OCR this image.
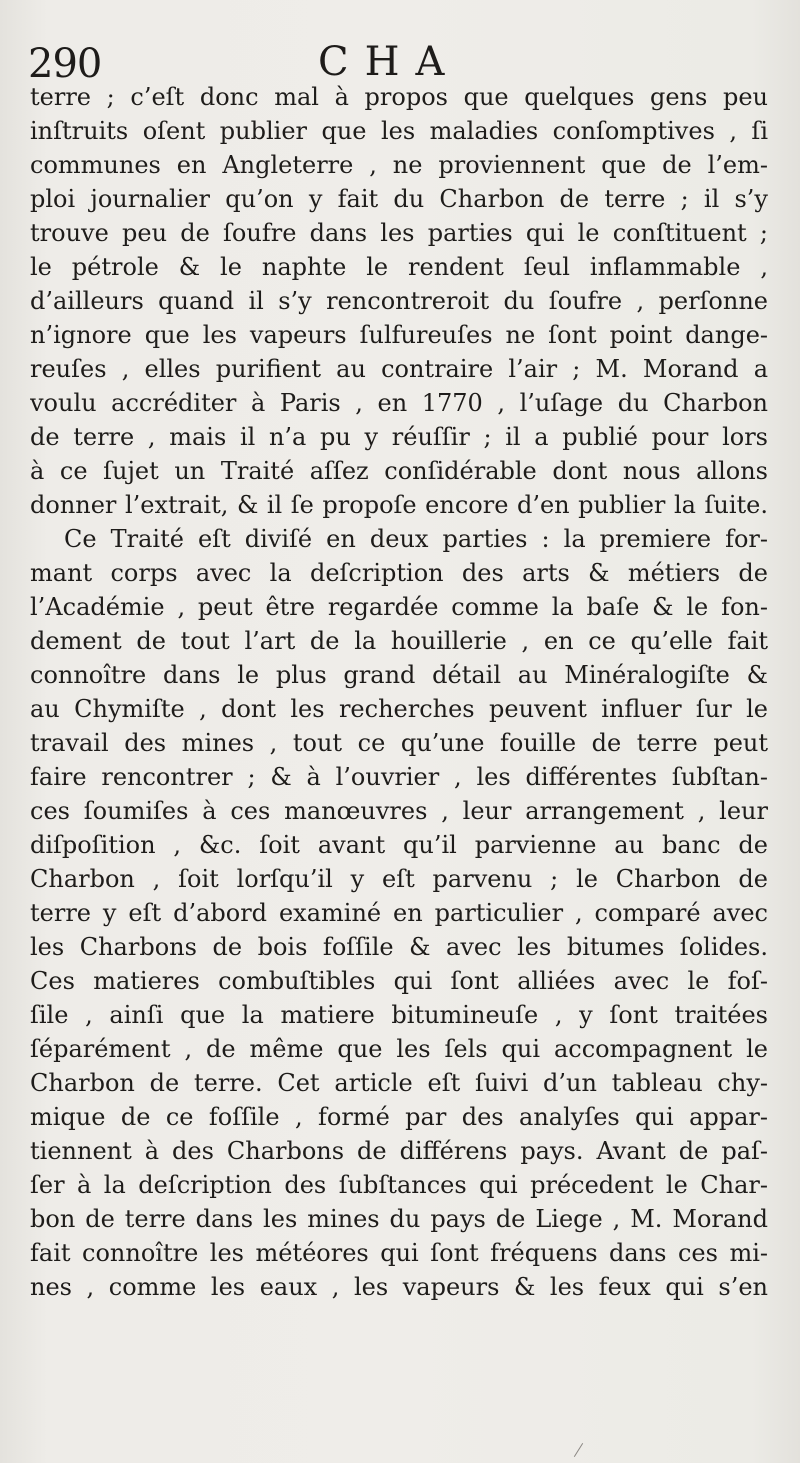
290	CHA
terre ; c’eſt donc mal à propos que quelques gens peu
inſtruits oſent publier que les maladies conſomptives , ſi
communes en Angleterre , ne proviennent que de l’em-
ploi journalier qu’on y fait du Charbon de terre ; il s’y
trouve peu de ſoufre dans les parties qui le conſtituent ;
le pétrole & le naphte le rendent ſeul inflammable ,
d’ailleurs quand il s’y rencontreroit du ſoufre , perſonne
n’ignore que les vapeurs ſulfureuſes ne ſont point dange-
reuſes , elles purifient au contraire l’air ; M. Morand a
voulu accréditer à Paris , en 1770 , l’uſage du Charbon
de terre , mais il n’a pu y réuſſir ; il a publié pour lors
à ce ſujet un Traité aſſez conſidérable dont nous allons
donner l’extrait, & il ſe propoſe encore d’en publier la ſuite.
Ce Traité eſt diviſé en deux parties : la premiere for-
mant corps avec la deſcription des arts & métiers de
l’Académie , peut être regardée comme la baſe & le fon-
dement de tout l’art de la houillerie , en ce qu’elle fait
connoître dans le plus grand détail au Minéralogiſte &
au Chymiſte , dont les recherches peuvent influer ſur le
travail des mines , tout ce qu’une fouille de terre peut
faire rencontrer ; & à l’ouvrier , les différentes ſubſtan-
ces ſoumiſes à ces manœuvres , leur arrangement , leur
diſpoſition , &c. ſoit avant qu’il parvienne au banc de
Charbon , ſoit lorſqu’il y eſt parvenu ; le Charbon de
terre y eſt d’abord examiné en particulier , comparé avec
les Charbons de bois foſſile & avec les bitumes ſolides.
Ces matieres combuſtibles qui ſont alliées avec le foſ-
ſile , ainſi que la matiere bitumineuſe , y ſont traitées
ſéparément , de même que les ſels qui accompagnent le
Charbon de terre. Cet article eſt ſuivi d’un tableau chy-
mique de ce foſſile , formé par des analyſes qui appar-
tiennent à des Charbons de différens pays. Avant de paſ-
ſer à la deſcription des ſubſtances qui précedent le Char-
bon de terre dans les mines du pays de Liege , M. Morand
fait connoître les météores qui ſont fréquens dans ces mi-
nes , comme les eaux , les vapeurs & les feux qui s’en
